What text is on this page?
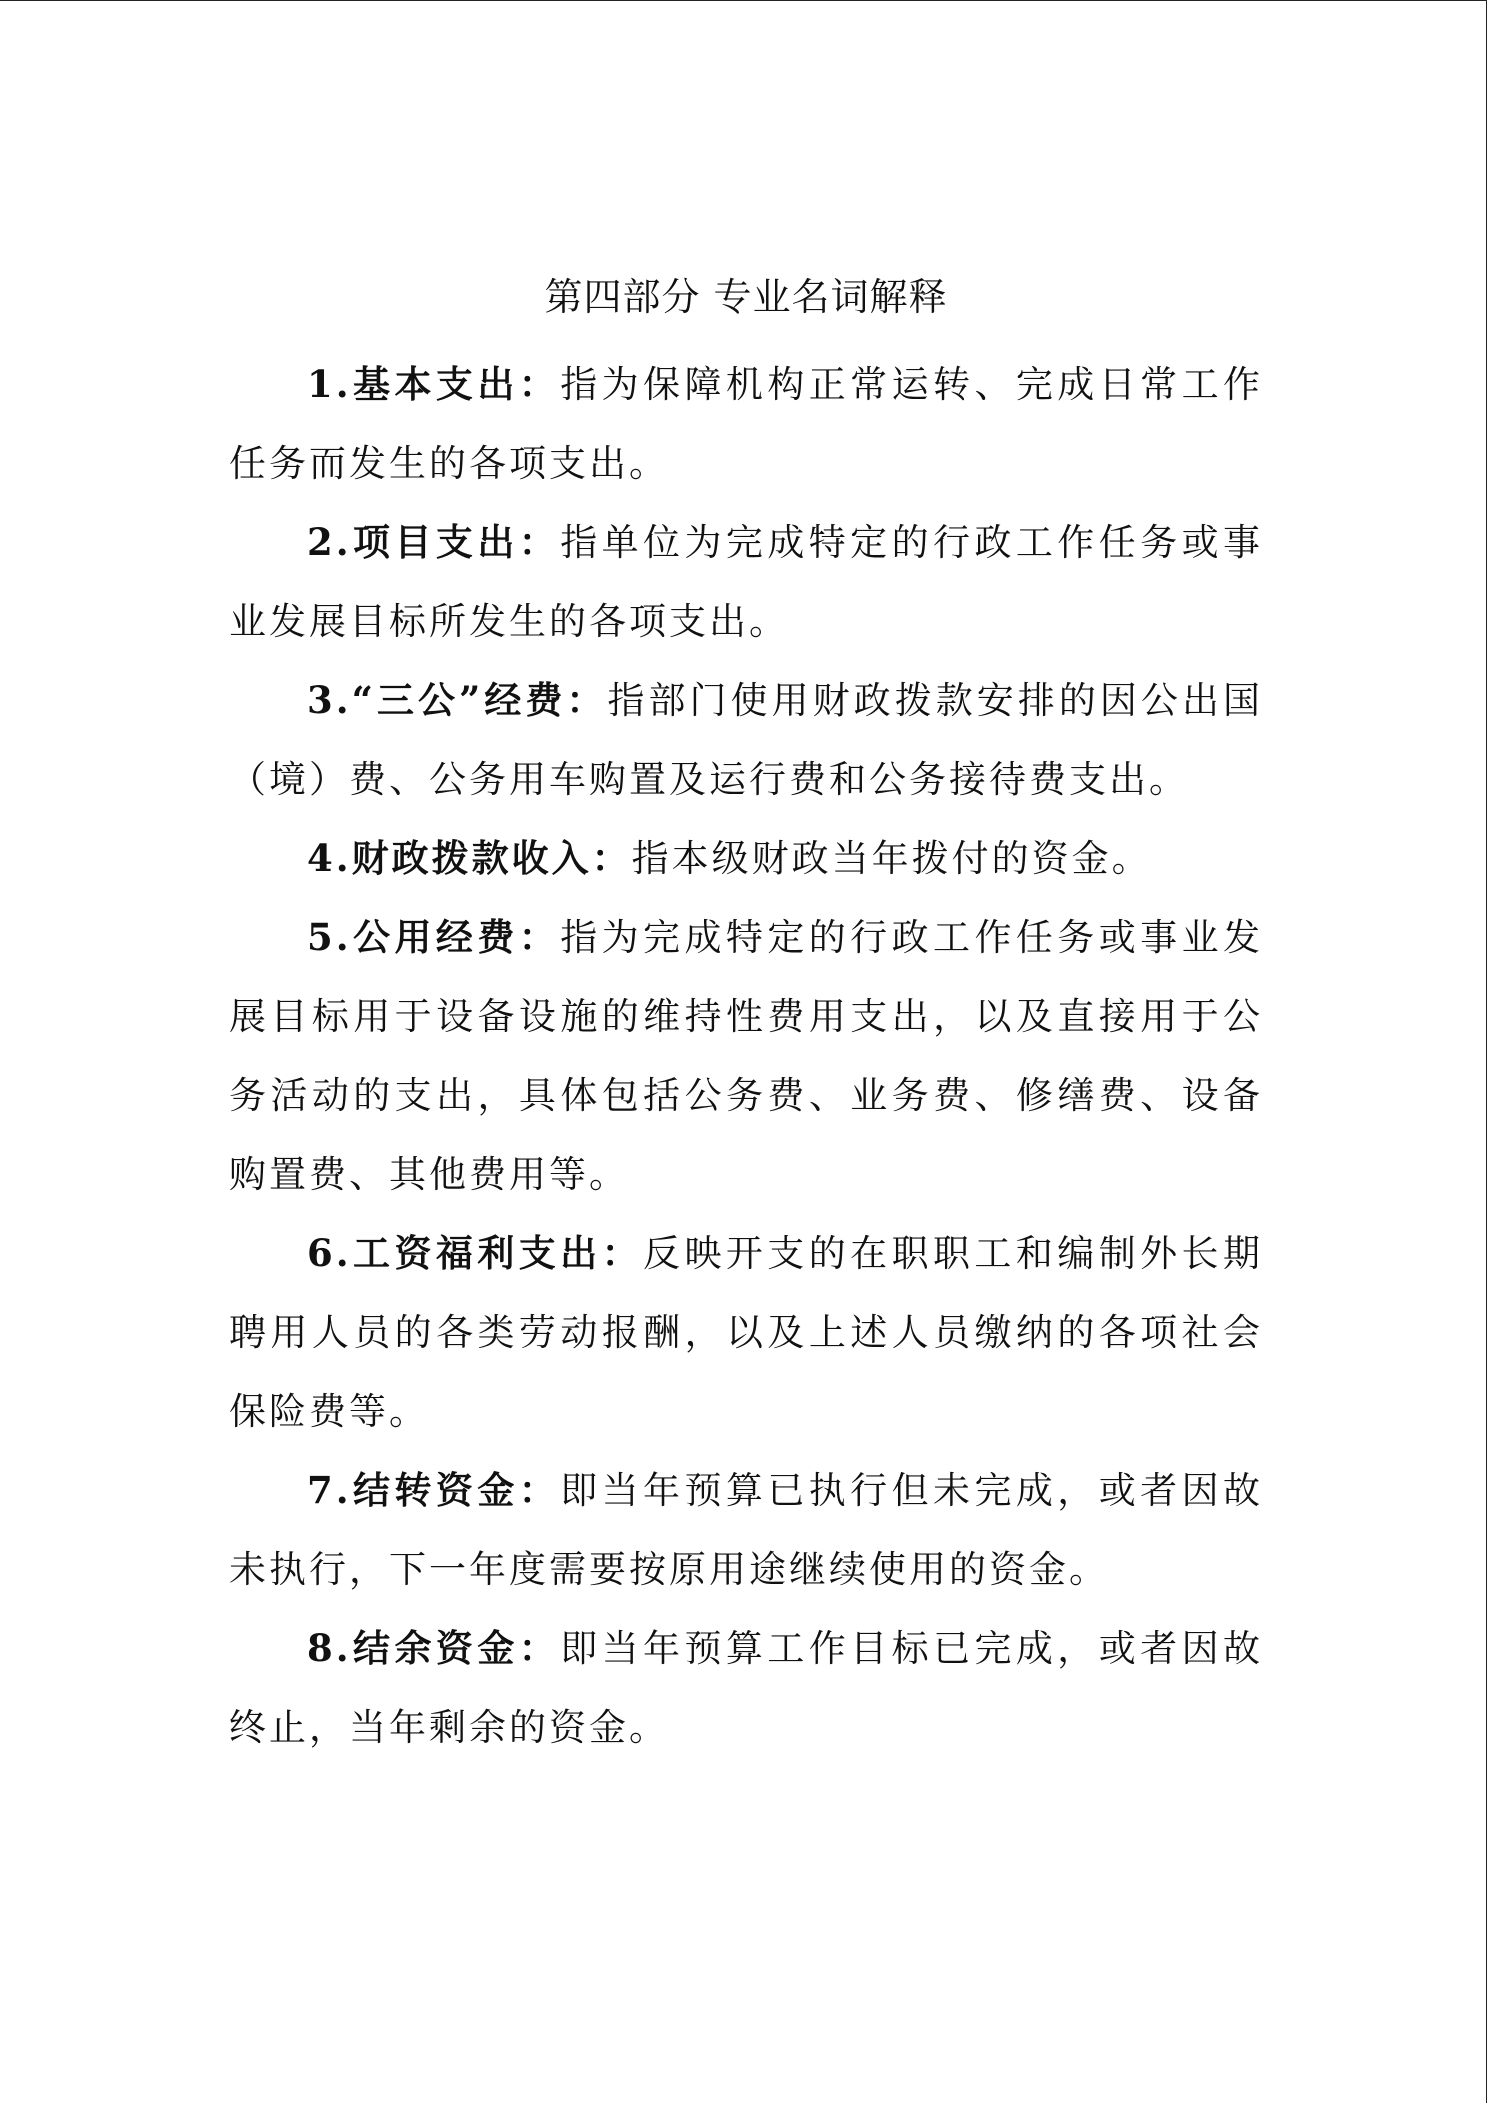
第四部分 专业名词解释

1.基本支出：指为保障机构正常运转、完成日常工作任务而发生的各项支出。

2.项目支出：指单位为完成特定的行政工作任务或事业发展目标所发生的各项支出。

3.“三公”经费：指部门使用财政拨款安排的因公出国（境）费、公务用车购置及运行费和公务接待费支出。

4.财政拨款收入：指本级财政当年拨付的资金。

5.公用经费：指为完成特定的行政工作任务或事业发展目标用于设备设施的维持性费用支出，以及直接用于公务活动的支出，具体包括公务费、业务费、修缮费、设备购置费、其他费用等。

6.工资福利支出：反映开支的在职职工和编制外长期聘用人员的各类劳动报酬，以及上述人员缴纳的各项社会保险费等。

7.结转资金：即当年预算已执行但未完成，或者因故未执行，下一年度需要按原用途继续使用的资金。

8.结余资金：即当年预算工作目标已完成，或者因故终止，当年剩余的资金。
